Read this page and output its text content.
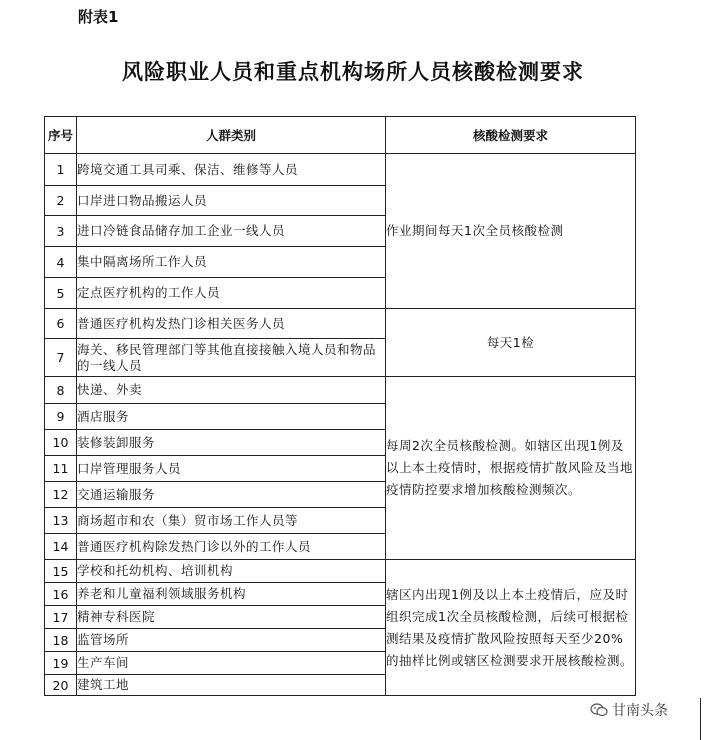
附表1
风险职业人员和重点机构场所人员核酸检测要求
序号	人群类别	核酸检测要求
1	跨境交通工具司乘、保洁、维修等人员	作业期间每天1次全员核酸检测
2	口岸进口物品搬运人员	
3	进口冷链食品储存加工企业一线人员	
4	集中隔离场所工作人员	
5	定点医疗机构的工作人员	
6	普通医疗机构发热门诊相关医务人员	每天1检
7	海关、移民管理部门等其他直接接触入境人员和物品的一线人员	
8	快递、外卖	每周2次全员核酸检测。如辖区出现1例及以上本土疫情时，根据疫情扩散风险及当地疫情防控要求增加核酸检测频次。
9	酒店服务	
10	装修装卸服务	
11	口岸管理服务人员	
12	交通运输服务	
13	商场超市和农（集）贸市场工作人员等	
14	普通医疗机构除发热门诊以外的工作人员	
15	学校和托幼机构、培训机构	辖区内出现1例及以上本土疫情后，应及时组织完成1次全员核酸检测，后续可根据检测结果及疫情扩散风险按照每天至少20%的抽样比例或辖区检测要求开展核酸检测。
16	养老和儿童福利领域服务机构	
17	精神专科医院	
18	监管场所	
19	生产车间	
20	建筑工地	
甘南头条
